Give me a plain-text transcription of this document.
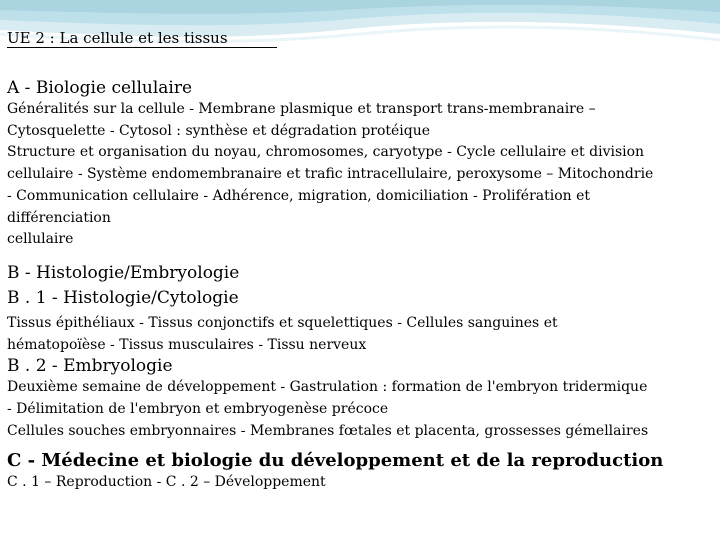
UE 2 : La cellule et les tissus
A - Biologie cellulaire

Généralités sur la cellule - Membrane plasmique et transport trans-membranaire –

Cytosquelette - Cytosol : synthèse et dégradation protéique

Structure et organisation du noyau, chromosomes, caryotype - Cycle cellulaire et division

cellulaire - Système endomembranaire et trafic intracellulaire, peroxysome – Mitochondrie

- Communication cellulaire - Adhérence, migration, domiciliation - Prolifération et

différenciation

cellulaire

B - Histologie/Embryologie
B . 1 - Histologie/Cytologie

Tissus épithéliaux - Tissus conjonctifs et squelettiques - Cellules sanguines et

hématopoïèse - Tissus musculaires - Tissu nerveux

B . 2 - Embryologie

Deuxième semaine de développement - Gastrulation : formation de l'embryon tridermique

- Délimitation de l'embryon et embryogenèse précoce

Cellules souches embryonnaires - Membranes fœtales et placenta, grossesses gémellaires

C - Médecine et biologie du développement et de la reproduction

C . 1 – Reproduction - C . 2 – Développement
